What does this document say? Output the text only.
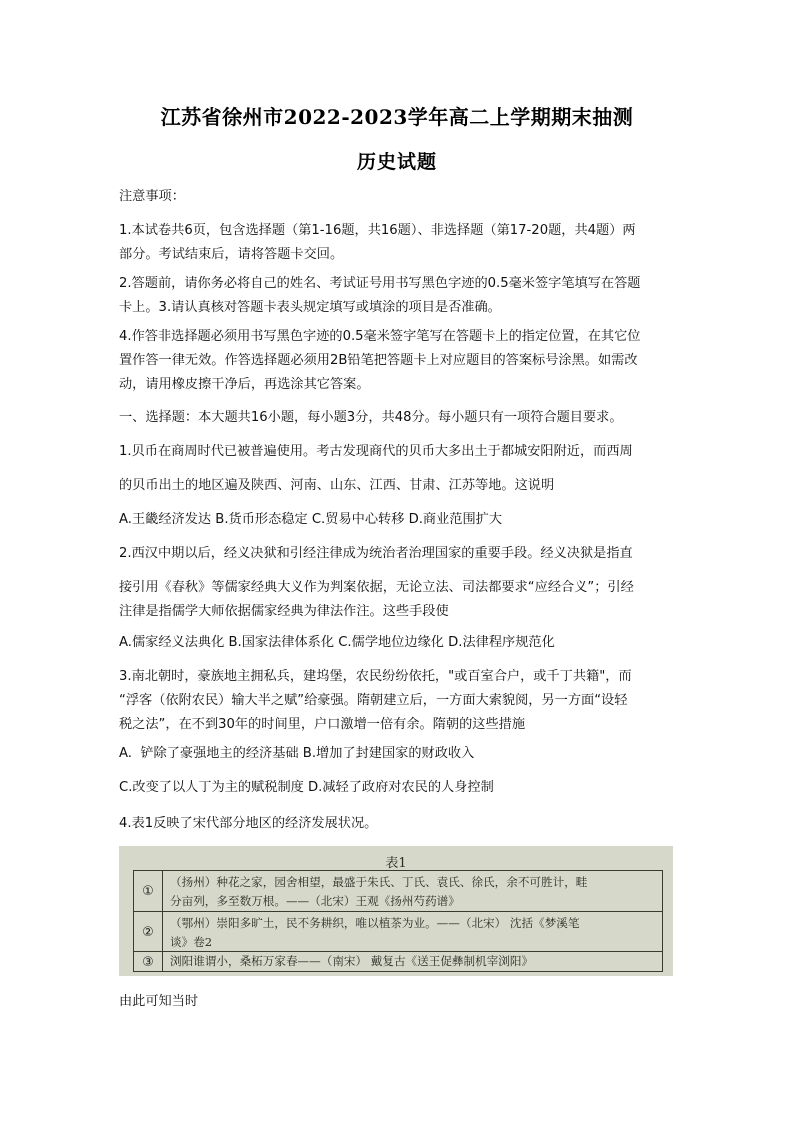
江苏省徐州市2022-2023学年高二上学期期末抽测
历史试题
注意事项：
1.本试卷共6页，包含选择题（第1-16题，共16题）、非选择题（第17-20题，共4题）两
部分。考试结束后，请将答题卡交回。
2.答题前，请你务必将自己的姓名、考试证号用书写黑色字迹的0.5毫米签字笔填写在答题
卡上。3.请认真核对答题卡表头规定填写或填涂的项目是否准确。
4.作答非选择题必须用书写黑色字迹的0.5毫米签字笔写在答题卡上的指定位置，在其它位
置作答一律无效。作答选择题必须用2B铅笔把答题卡上对应题目的答案标号涂黑。如需改
动，请用橡皮擦干净后，再选涂其它答案。
一、选择题：本大题共16小题，每小题3分，共48分。每小题只有一项符合题目要求。
1.贝币在商周时代已被普遍使用。考古发现商代的贝币大多出土于都城安阳附近，而西周
的贝币出土的地区遍及陕西、河南、山东、江西、甘肃、江苏等地。这说明
A.王畿经济发达 B.货币形态稳定 C.贸易中心转移 D.商业范围扩大
2.西汉中期以后，经义决狱和引经注律成为统治者治理国家的重要手段。经义决狱是指直
接引用《春秋》等儒家经典大义作为判案依据，无论立法、司法都要求“应经合义”；引经
注律是指儒学大师依据儒家经典为律法作注。这些手段使
A.儒家经义法典化 B.国家法律体系化 C.儒学地位边缘化 D.法律程序规范化
3.南北朝时，豪族地主拥私兵，建坞堡，农民纷纷依托，"或百室合户，或千丁共籍"，而
“浮客（依附农民）输大半之赋”给豪强。隋朝建立后，一方面大索貌阅，另一方面“设轻
税之法”，在不到30年的时间里，户口激增一倍有余。隋朝的这些措施
A.  铲除了豪强地主的经济基础 B.增加了封建国家的财政收入
C.改变了以人丁为主的赋税制度 D.减轻了政府对农民的人身控制
4.表1反映了宋代部分地区的经济发展状况。
表1
①
（扬州）种花之家，园舍相望，最盛于朱氏、丁氏、袁氏、徐氏，余不可胜计，畦
分亩列，多至数万根。——（北宋）王观《扬州芍药谱》
②
（鄂州）崇阳多旷土，民不务耕织，唯以植茶为业。——（北宋） 沈括《梦溪笔
谈》卷2
③	浏阳谁谓小，桑柘万家春——（南宋） 戴复古《送王促彝制机宰浏阳》
由此可知当时
